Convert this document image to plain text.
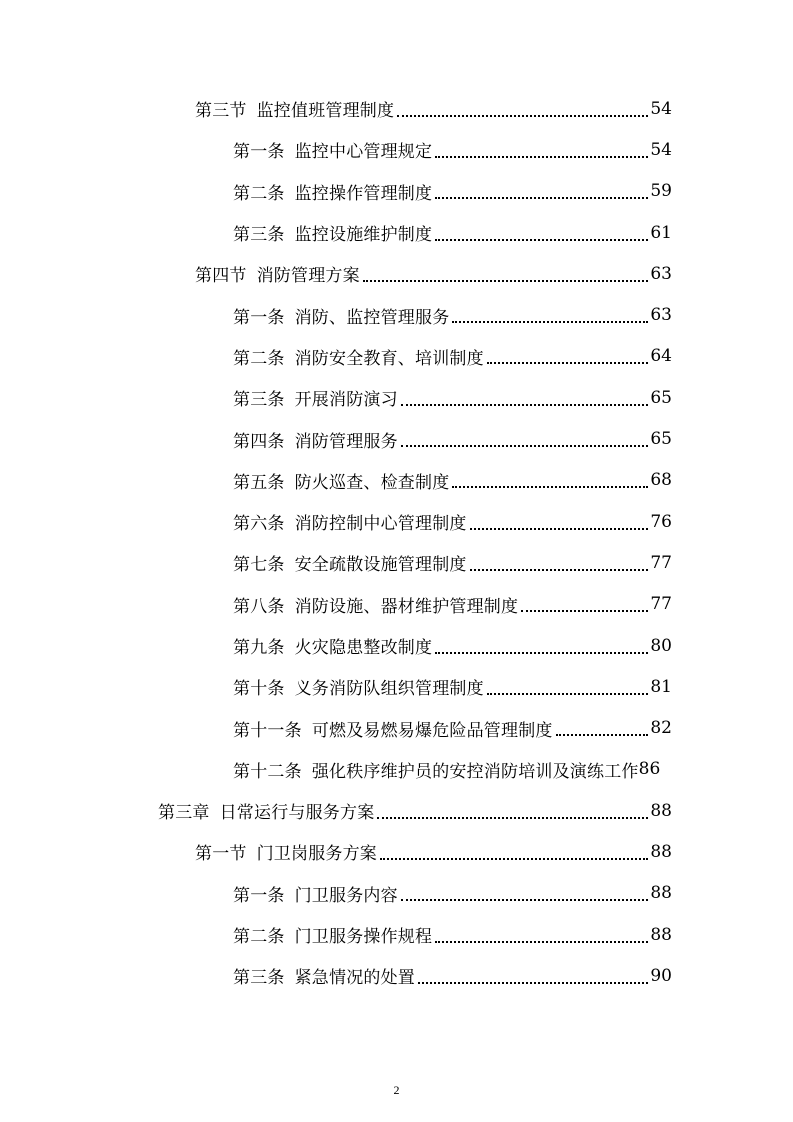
第三节 监控值班管理制度	54
第一条 监控中心管理规定	54
第二条 监控操作管理制度	59
第三条 监控设施维护制度	61
第四节 消防管理方案	63
第一条 消防、监控管理服务	63
第二条 消防安全教育、培训制度	64
第三条 开展消防演习	65
第四条 消防管理服务	65
第五条 防火巡查、检查制度	68
第六条 消防控制中心管理制度	76
第七条 安全疏散设施管理制度	77
第八条 消防设施、器材维护管理制度	77
第九条 火灾隐患整改制度	80
第十条 义务消防队组织管理制度	81
第十一条 可燃及易燃易爆危险品管理制度	82
第十二条 强化秩序维护员的安控消防培训及演练工作 86
第三章 日常运行与服务方案	88
第一节 门卫岗服务方案	88
第一条 门卫服务内容	88
第二条 门卫服务操作规程	88
第三条 紧急情况的处置	90
2
